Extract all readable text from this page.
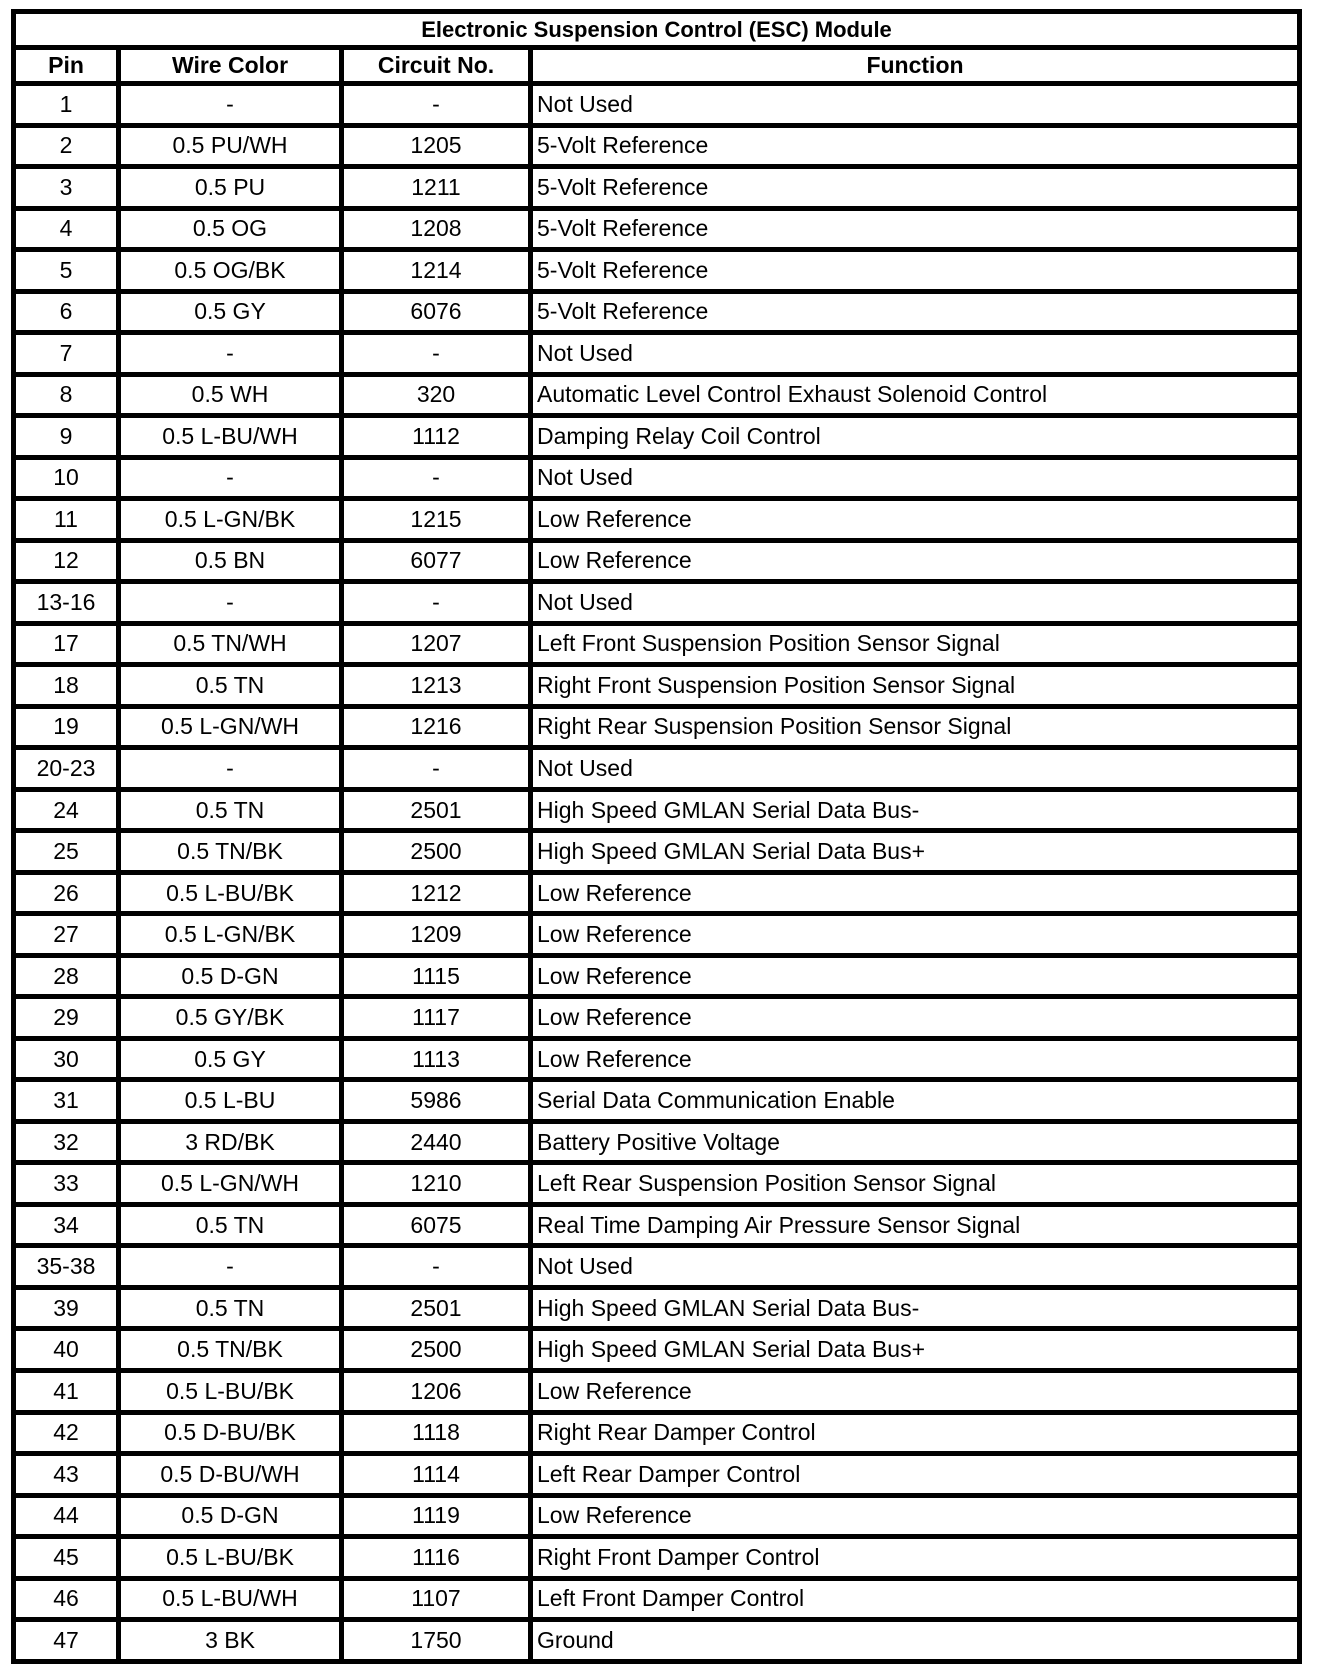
Electronic Suspension Control (ESC) Module			
Pin	Wire Color	Circuit No.	Function
1	-	-	Not Used
2	0.5 PU/WH	1205	5-Volt Reference
3	0.5 PU	1211	5-Volt Reference
4	0.5 OG	1208	5-Volt Reference
5	0.5 OG/BK	1214	5-Volt Reference
6	0.5 GY	6076	5-Volt Reference
7	-	-	Not Used
8	0.5 WH	320	Automatic Level Control Exhaust Solenoid Control
9	0.5 L-BU/WH	1112	Damping Relay Coil Control
10	-	-	Not Used
11	0.5 L-GN/BK	1215	Low Reference
12	0.5 BN	6077	Low Reference
13-16	-	-	Not Used
17	0.5 TN/WH	1207	Left Front Suspension Position Sensor Signal
18	0.5 TN	1213	Right Front Suspension Position Sensor Signal
19	0.5 L-GN/WH	1216	Right Rear Suspension Position Sensor Signal
20-23	-	-	Not Used
24	0.5 TN	2501	High Speed GMLAN Serial Data Bus-
25	0.5 TN/BK	2500	High Speed GMLAN Serial Data Bus+
26	0.5 L-BU/BK	1212	Low Reference
27	0.5 L-GN/BK	1209	Low Reference
28	0.5 D-GN	1115	Low Reference
29	0.5 GY/BK	1117	Low Reference
30	0.5 GY	1113	Low Reference
31	0.5 L-BU	5986	Serial Data Communication Enable
32	3 RD/BK	2440	Battery Positive Voltage
33	0.5 L-GN/WH	1210	Left Rear Suspension Position Sensor Signal
34	0.5 TN	6075	Real Time Damping Air Pressure Sensor Signal
35-38	-	-	Not Used
39	0.5 TN	2501	High Speed GMLAN Serial Data Bus-
40	0.5 TN/BK	2500	High Speed GMLAN Serial Data Bus+
41	0.5 L-BU/BK	1206	Low Reference
42	0.5 D-BU/BK	1118	Right Rear Damper Control
43	0.5 D-BU/WH	1114	Left Rear Damper Control
44	0.5 D-GN	1119	Low Reference
45	0.5 L-BU/BK	1116	Right Front Damper Control
46	0.5 L-BU/WH	1107	Left Front Damper Control
47	3 BK	1750	Ground
